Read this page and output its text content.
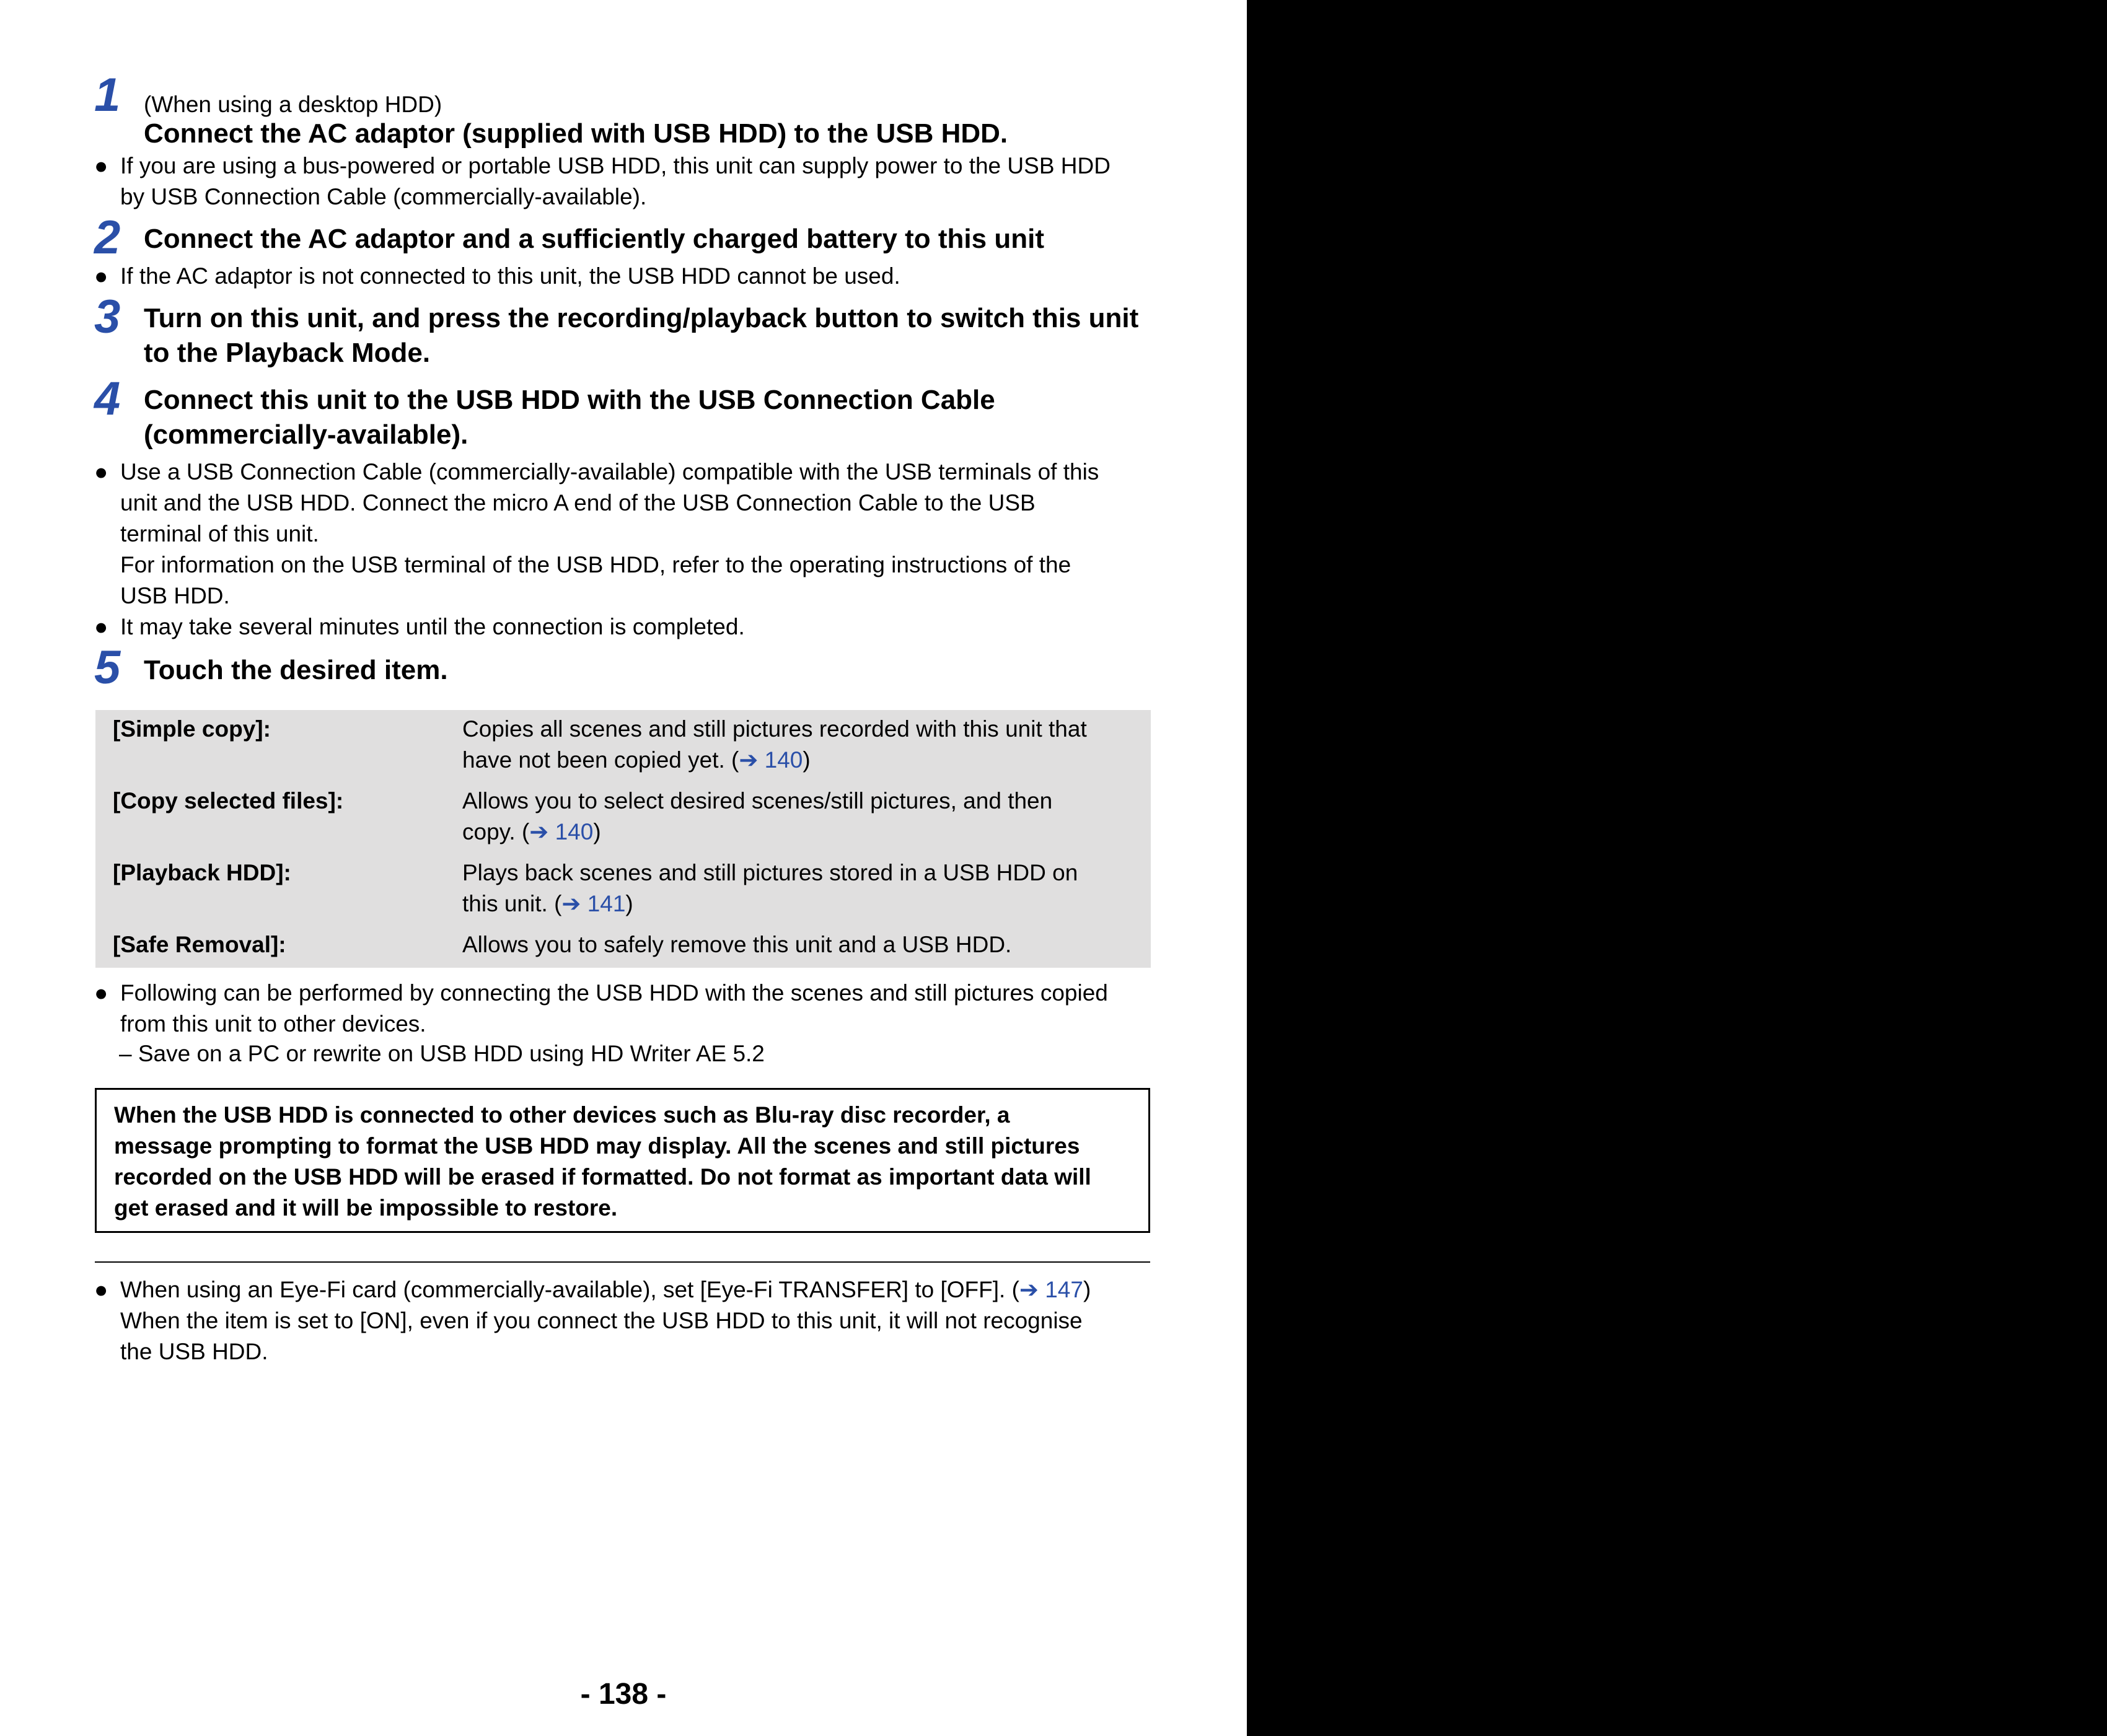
1 (When using a desktop HDD)
Connect the AC adaptor (supplied with USB HDD) to the USB HDD.
● If you are using a bus-powered or portable USB HDD, this unit can supply power to the USB HDD
by USB Connection Cable (commercially-available).
2 Connect the AC adaptor and a sufficiently charged battery to this unit
● If the AC adaptor is not connected to this unit, the USB HDD cannot be used.
3 Turn on this unit, and press the recording/playback button to switch this unit
to the Playback Mode.
4 Connect this unit to the USB HDD with the USB Connection Cable
(commercially-available).
● Use a USB Connection Cable (commercially-available) compatible with the USB terminals of this
unit and the USB HDD. Connect the micro A end of the USB Connection Cable to the USB
terminal of this unit.
For information on the USB terminal of the USB HDD, refer to the operating instructions of the
USB HDD.
● It may take several minutes until the connection is completed.
5 Touch the desired item.
[Simple copy]:	Copies all scenes and still pictures recorded with this unit that
have not been copied yet. (➔ 140)
[Copy selected files]:	Allows you to select desired scenes/still pictures, and then
copy. (➔ 140)
[Playback HDD]:	Plays back scenes and still pictures stored in a USB HDD on
this unit. (➔ 141)
[Safe Removal]:	Allows you to safely remove this unit and a USB HDD.
● Following can be performed by connecting the USB HDD with the scenes and still pictures copied
from this unit to other devices.
– Save on a PC or rewrite on USB HDD using HD Writer AE 5.2
When the USB HDD is connected to other devices such as Blu-ray disc recorder, a
message prompting to format the USB HDD may display. All the scenes and still pictures
recorded on the USB HDD will be erased if formatted. Do not format as important data will
get erased and it will be impossible to restore.
● When using an Eye-Fi card (commercially-available), set [Eye-Fi TRANSFER] to [OFF]. (➔ 147)
When the item is set to [ON], even if you connect the USB HDD to this unit, it will not recognise
the USB HDD.
- 138 -
